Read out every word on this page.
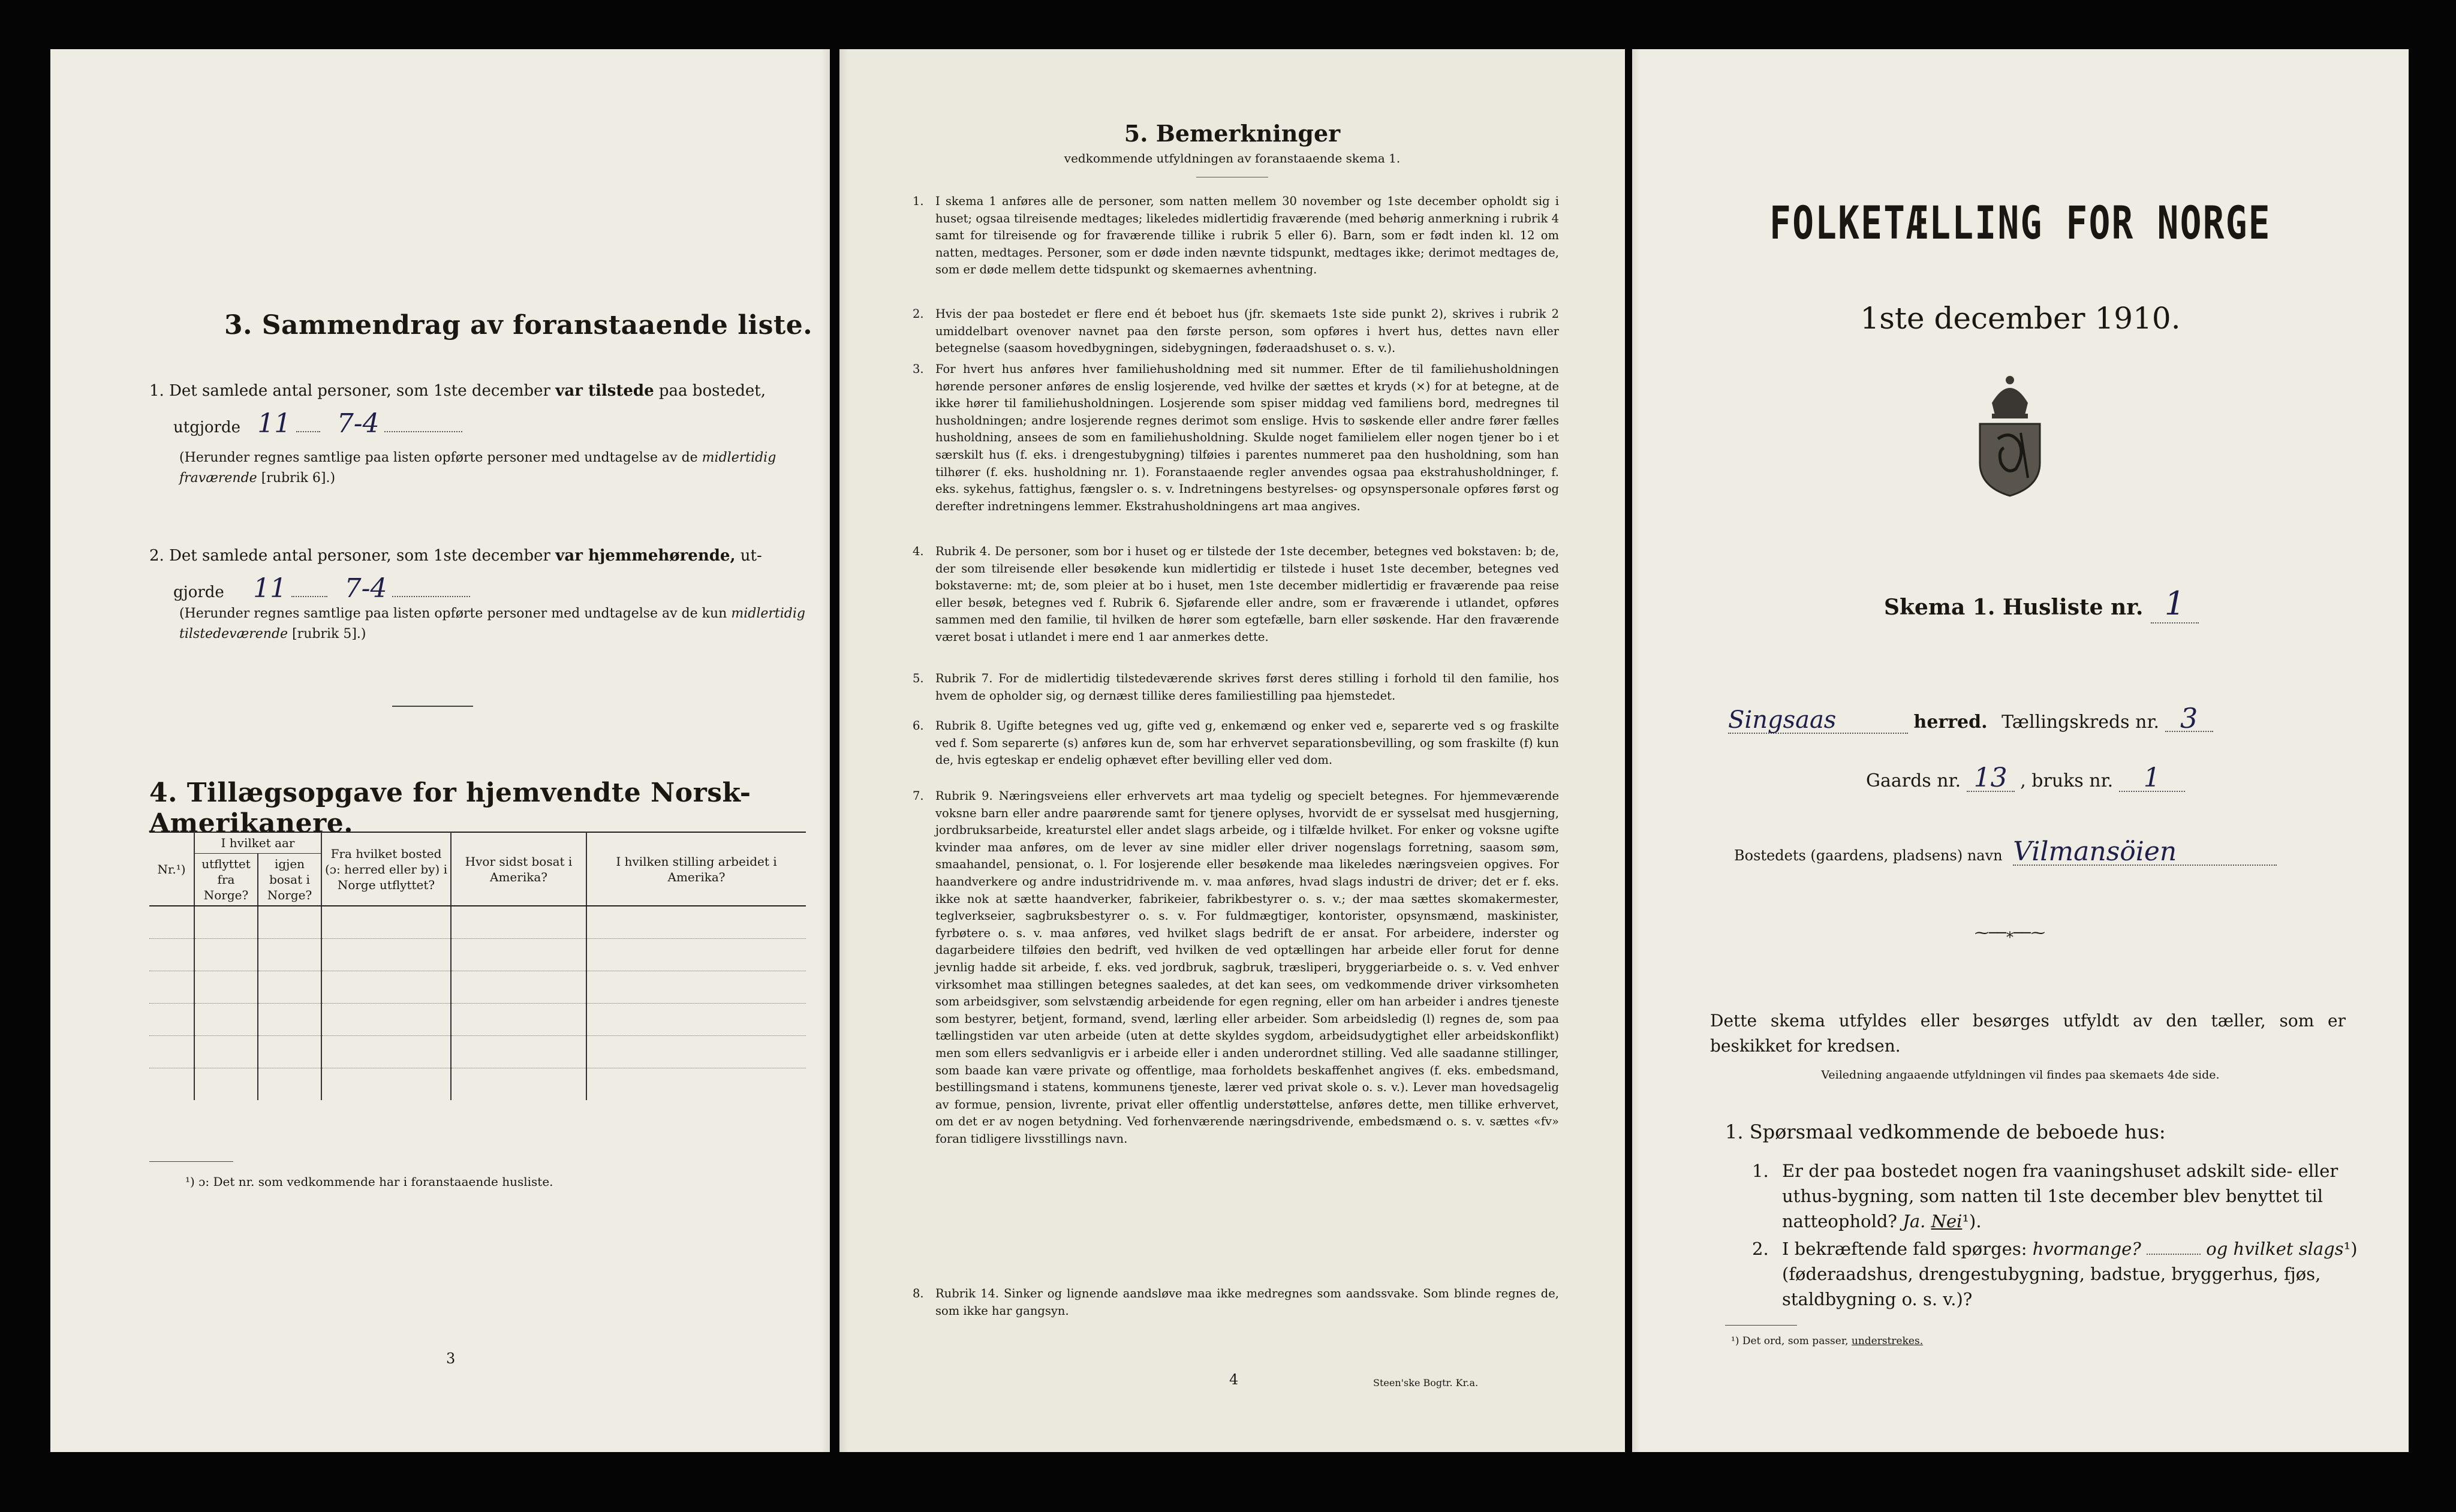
3. Sammendrag av foranstaaende liste.
1. Det samlede antal personer, som 1ste december var tilstede paa bostedet,
utgjorde 11 7-4
(Herunder regnes samtlige paa listen opførte personer med undtagelse av de midlertidig fraværende [rubrik 6].)
2. Det samlede antal personer, som 1ste december var hjemmehørende, ut-
gjorde 11 7-4
(Herunder regnes samtlige paa listen opførte personer med undtagelse av de kun midlertidig tilstedeværende [rubrik 5].)
4. Tillægsopgave for hjemvendte Norsk-Amerikanere.
Nr.¹)	I hvilket aar		Fra hvilket bosted (ɔ: herred eller by) i Norge utflyttet?	Hvor sidst bosat i Amerika?	I hvilken stilling arbeidet i Amerika?
	utflyttet fra Norge?	igjen bosat i Norge?			

¹) ɔ: Det nr. som vedkommende har i foranstaaende husliste.
3
5. Bemerkninger
vedkommende utfyldningen av foranstaaende skema 1.
1. I skema 1 anføres alle de personer, som natten mellem 30 november og 1ste december opholdt sig i huset; ogsaa tilreisende medtages; likeledes midlertidig fraværende (med behørig anmerkning i rubrik 4 samt for tilreisende og for fraværende tillike i rubrik 5 eller 6). Barn, som er født inden kl. 12 om natten, medtages. Personer, som er døde inden nævnte tidspunkt, medtages ikke; derimot medtages de, som er døde mellem dette tidspunkt og skemaernes avhentning.
2. Hvis der paa bostedet er flere end ét beboet hus (jfr. skemaets 1ste side punkt 2), skrives i rubrik 2 umiddelbart ovenover navnet paa den første person, som opføres i hvert hus, dettes navn eller betegnelse (saasom hovedbygningen, sidebygningen, føderaadshuset o. s. v.).
3. For hvert hus anføres hver familiehusholdning med sit nummer. Efter de til familiehusholdningen hørende personer anføres de enslig losjerende, ved hvilke der sættes et kryds (×) for at betegne, at de ikke hører til familiehusholdningen. Losjerende som spiser middag ved familiens bord, medregnes til husholdningen; andre losjerende regnes derimot som enslige. Hvis to søskende eller andre fører fælles husholdning, ansees de som en familiehusholdning. Skulde noget familielem eller nogen tjener bo i et særskilt hus (f. eks. i drengestubygning) tilføies i parentes nummeret paa den husholdning, som han tilhører (f. eks. husholdning nr. 1). Foranstaaende regler anvendes ogsaa paa ekstrahusholdninger, f. eks. sykehus, fattighus, fængsler o. s. v. Indretningens bestyrelses- og opsynspersonale opføres først og derefter indretningens lemmer. Ekstrahusholdningens art maa angives.
4. Rubrik 4. De personer, som bor i huset og er tilstede der 1ste december, betegnes ved bokstaven: b; de, der som tilreisende eller besøkende kun midlertidig er tilstede i huset 1ste december, betegnes ved bokstaverne: mt; de, som pleier at bo i huset, men 1ste december midlertidig er fraværende paa reise eller besøk, betegnes ved f. Rubrik 6. Sjøfarende eller andre, som er fraværende i utlandet, opføres sammen med den familie, til hvilken de hører som egtefælle, barn eller søskende. Har den fraværende været bosat i utlandet i mere end 1 aar anmerkes dette.
5. Rubrik 7. For de midlertidig tilstedeværende skrives først deres stilling i forhold til den familie, hos hvem de opholder sig, og dernæst tillike deres familiestilling paa hjemstedet.
6. Rubrik 8. Ugifte betegnes ved ug, gifte ved g, enkemænd og enker ved e, separerte ved s og fraskilte ved f. Som separerte (s) anføres kun de, som har erhvervet separationsbevilling, og som fraskilte (f) kun de, hvis egteskap er endelig ophævet efter bevilling eller ved dom.
7. Rubrik 9. Næringsveiens eller erhvervets art maa tydelig og specielt betegnes. For hjemmeværende voksne barn eller andre paarørende samt for tjenere oplyses, hvorvidt de er sysselsat med husgjerning, jordbruksarbeide, kreaturstel eller andet slags arbeide, og i tilfælde hvilket. For enker og voksne ugifte kvinder maa anføres, om de lever av sine midler eller driver nogenslags forretning, saasom søm, smaahandel, pensionat, o. l. For losjerende eller besøkende maa likeledes næringsveien opgives. For haandverkere og andre industridrivende m. v. maa anføres, hvad slags industri de driver; det er f. eks. ikke nok at sætte haandverker, fabrikeier, fabrikbestyrer o. s. v.; der maa sættes skomakermester, teglverkseier, sagbruksbestyrer o. s. v. For fuldmægtiger, kontorister, opsynsmænd, maskinister, fyrbøtere o. s. v. maa anføres, ved hvilket slags bedrift de er ansat. For arbeidere, inderster og dagarbeidere tilføies den bedrift, ved hvilken de ved optællingen har arbeide eller forut for denne jevnlig hadde sit arbeide, f. eks. ved jordbruk, sagbruk, træsliperi, bryggeriarbeide o. s. v. Ved enhver virksomhet maa stillingen betegnes saaledes, at det kan sees, om vedkommende driver virksomheten som arbeidsgiver, som selvstændig arbeidende for egen regning, eller om han arbeider i andres tjeneste som bestyrer, betjent, formand, svend, lærling eller arbeider. Som arbeidsledig (l) regnes de, som paa tællingstiden var uten arbeide (uten at dette skyldes sygdom, arbeidsudygtighet eller arbeidskonflikt) men som ellers sedvanligvis er i arbeide eller i anden underordnet stilling. Ved alle saadanne stillinger, som baade kan være private og offentlige, maa forholdets beskaffenhet angives (f. eks. embedsmand, bestillingsmand i statens, kommunens tjeneste, lærer ved privat skole o. s. v.). Lever man hovedsagelig av formue, pension, livrente, privat eller offentlig understøttelse, anføres dette, men tillike erhvervet, om det er av nogen betydning. Ved forhenværende næringsdrivende, embedsmænd o. s. v. sættes «fv» foran tidligere livsstillings navn.
8. Rubrik 14. Sinker og lignende aandsløve maa ikke medregnes som aandssvake. Som blinde regnes de, som ikke har gangsyn.
4	Steen'ske Bogtr. Kr.a.
FOLKETÆLLING FOR NORGE
1ste december 1910.
Skema 1. Husliste nr. 1
Singsaas	herred. Tællingskreds nr. 3
Gaards nr. 13 , bruks nr. 1
Bostedets (gaardens, pladsens) navn Vilmansöien
⁓──⁎──⁓
Dette skema utfyldes eller besørges utfyldt av den tæller, som er beskikket for kredsen.
Veiledning angaaende utfyldningen vil findes paa skemaets 4de side.
1. Spørsmaal vedkommende de beboede hus:
1. Er der paa bostedet nogen fra vaaningshuset adskilt side- eller uthus-bygning, som natten til 1ste december blev benyttet til natteophold? Ja. Nei¹).
2. I bekræftende fald spørges: hvormange?	og hvilket slags¹) (føderaadshus, drengestubygning, badstue, bryggerhus, fjøs, staldbygning o. s. v.)?
¹) Det ord, som passer, understrekes.
